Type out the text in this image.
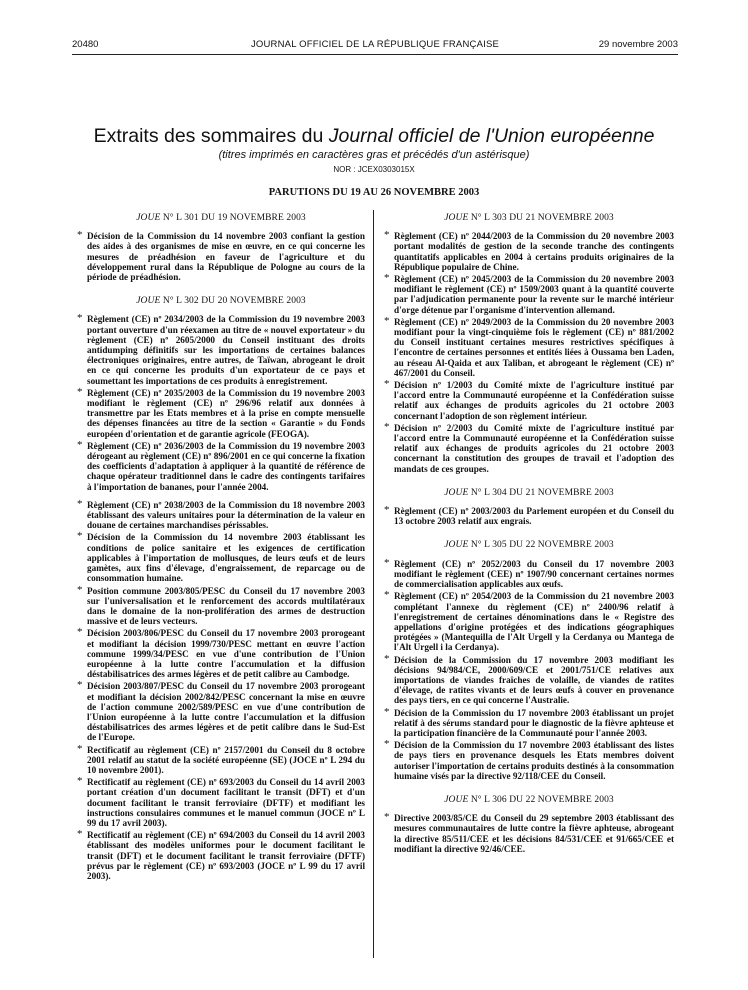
20480	JOURNAL OFFICIEL DE LA RÉPUBLIQUE FRANÇAISE	29 novembre 2003
Extraits des sommaires du Journal officiel de l'Union européenne
(titres imprimés en caractères gras et précédés d'un astérisque)
NOR : JCEX0303015X
PARUTIONS DU 19 AU 26 NOVEMBRE 2003
JOUE N° L 301 DU 19 NOVEMBRE 2003
* Décision de la Commission du 14 novembre 2003 confiant la gestion des aides à des organismes de mise en œuvre, en ce qui concerne les mesures de préadhésion en faveur de l'agriculture et du développement rural dans la République de Pologne au cours de la période de préadhésion.
JOUE N° L 302 DU 20 NOVEMBRE 2003
* Règlement (CE) nº 2034/2003 de la Commission du 19 novembre 2003 portant ouverture d'un réexamen au titre de « nouvel exportateur » du règlement (CE) nº 2605/2000 du Conseil instituant des droits antidumping définitifs sur les importations de certaines balances électroniques originaires, entre autres, de Taïwan, abrogeant le droit en ce qui concerne les produits d'un exportateur de ce pays et soumettant les importations de ces produits à enregistrement.
* Règlement (CE) nº 2035/2003 de la Commission du 19 novembre 2003 modifiant le règlement (CE) nº 296/96 relatif aux données à transmettre par les Etats membres et à la prise en compte mensuelle des dépenses financées au titre de la section « Garantie » du Fonds européen d'orientation et de garantie agricole (FEOGA).
* Règlement (CE) nº 2036/2003 de la Commission du 19 novembre 2003 dérogeant au règlement (CE) nº 896/2001 en ce qui concerne la fixation des coefficients d'adaptation à appliquer à la quantité de référence de chaque opérateur traditionnel dans le cadre des contingents tarifaires à l'importation de bananes, pour l'année 2004.
* Règlement (CE) nº 2038/2003 de la Commission du 18 novembre 2003 établissant des valeurs unitaires pour la détermination de la valeur en douane de certaines marchandises périssables.
* Décision de la Commission du 14 novembre 2003 établissant les conditions de police sanitaire et les exigences de certification applicables à l'importation de mollusques, de leurs œufs et de leurs gamètes, aux fins d'élevage, d'engraissement, de reparcage ou de consommation humaine.
* Position commune 2003/805/PESC du Conseil du 17 novembre 2003 sur l'universalisation et le renforcement des accords multilatéraux dans le domaine de la non-prolifération des armes de destruction massive et de leurs vecteurs.
* Décision 2003/806/PESC du Conseil du 17 novembre 2003 prorogeant et modifiant la décision 1999/730/PESC mettant en œuvre l'action commune 1999/34/PESC en vue d'une contribution de l'Union européenne à la lutte contre l'accumulation et la diffusion déstabilisatrices des armes légères et de petit calibre au Cambodge.
* Décision 2003/807/PESC du Conseil du 17 novembre 2003 prorogeant et modifiant la décision 2002/842/PESC concernant la mise en œuvre de l'action commune 2002/589/PESC en vue d'une contribution de l'Union européenne à la lutte contre l'accumulation et la diffusion déstabilisatrices des armes légères et de petit calibre dans le Sud-Est de l'Europe.
* Rectificatif au règlement (CE) nº 2157/2001 du Conseil du 8 octobre 2001 relatif au statut de la société européenne (SE) (JOCE nº L 294 du 10 novembre 2001).
* Rectificatif au règlement (CE) nº 693/2003 du Conseil du 14 avril 2003 portant création d'un document facilitant le transit (DFT) et d'un document facilitant le transit ferroviaire (DFTF) et modifiant les instructions consulaires communes et le manuel commun (JOCE nº L 99 du 17 avril 2003).
* Rectificatif au règlement (CE) nº 694/2003 du Conseil du 14 avril 2003 établissant des modèles uniformes pour le document facilitant le transit (DFT) et le document facilitant le transit ferroviaire (DFTF) prévus par le règlement (CE) nº 693/2003 (JOCE nº L 99 du 17 avril 2003).
JOUE N° L 303 DU 21 NOVEMBRE 2003
* Règlement (CE) nº 2044/2003 de la Commission du 20 novembre 2003 portant modalités de gestion de la seconde tranche des contingents quantitatifs applicables en 2004 à certains produits originaires de la République populaire de Chine.
* Règlement (CE) nº 2045/2003 de la Commission du 20 novembre 2003 modifiant le règlement (CE) nº 1509/2003 quant à la quantité couverte par l'adjudication permanente pour la revente sur le marché intérieur d'orge détenue par l'organisme d'intervention allemand.
* Règlement (CE) nº 2049/2003 de la Commission du 20 novembre 2003 modifiant pour la vingt-cinquième fois le règlement (CE) nº 881/2002 du Conseil instituant certaines mesures restrictives spécifiques à l'encontre de certaines personnes et entités liées à Oussama ben Laden, au réseau Al-Qaida et aux Taliban, et abrogeant le règlement (CE) nº 467/2001 du Conseil.
* Décision nº 1/2003 du Comité mixte de l'agriculture institué par l'accord entre la Communauté européenne et la Confédération suisse relatif aux échanges de produits agricoles du 21 octobre 2003 concernant l'adoption de son règlement intérieur.
* Décision nº 2/2003 du Comité mixte de l'agriculture institué par l'accord entre la Communauté européenne et la Confédération suisse relatif aux échanges de produits agricoles du 21 octobre 2003 concernant la constitution des groupes de travail et l'adoption des mandats de ces groupes.
JOUE N° L 304 DU 21 NOVEMBRE 2003
* Règlement (CE) nº 2003/2003 du Parlement européen et du Conseil du 13 octobre 2003 relatif aux engrais.
JOUE N° L 305 DU 22 NOVEMBRE 2003
* Règlement (CE) nº 2052/2003 du Conseil du 17 novembre 2003 modifiant le règlement (CEE) nº 1907/90 concernant certaines normes de commercialisation applicables aux œufs.
* Règlement (CE) nº 2054/2003 de la Commission du 21 novembre 2003 complétant l'annexe du règlement (CE) nº 2400/96 relatif à l'enregistrement de certaines dénominations dans le « Registre des appellations d'origine protégées et des indications géographiques protégées » (Mantequilla de l'Alt Urgell y la Cerdanya ou Mantega de l'Alt Urgell i la Cerdanya).
* Décision de la Commission du 17 novembre 2003 modifiant les décisions 94/984/CE, 2000/609/CE et 2001/751/CE relatives aux importations de viandes fraîches de volaille, de viandes de ratites d'élevage, de ratites vivants et de leurs œufs à couver en provenance des pays tiers, en ce qui concerne l'Australie.
* Décision de la Commission du 17 novembre 2003 établissant un projet relatif à des sérums standard pour le diagnostic de la fièvre aphteuse et la participation financière de la Communauté pour l'année 2003.
* Décision de la Commission du 17 novembre 2003 établissant des listes de pays tiers en provenance desquels les Etats membres doivent autoriser l'importation de certains produits destinés à la consommation humaine visés par la directive 92/118/CEE du Conseil.
JOUE N° L 306 DU 22 NOVEMBRE 2003
* Directive 2003/85/CE du Conseil du 29 septembre 2003 établissant des mesures communautaires de lutte contre la fièvre aphteuse, abrogeant la directive 85/511/CEE et les décisions 84/531/CEE et 91/665/CEE et modifiant la directive 92/46/CEE.
